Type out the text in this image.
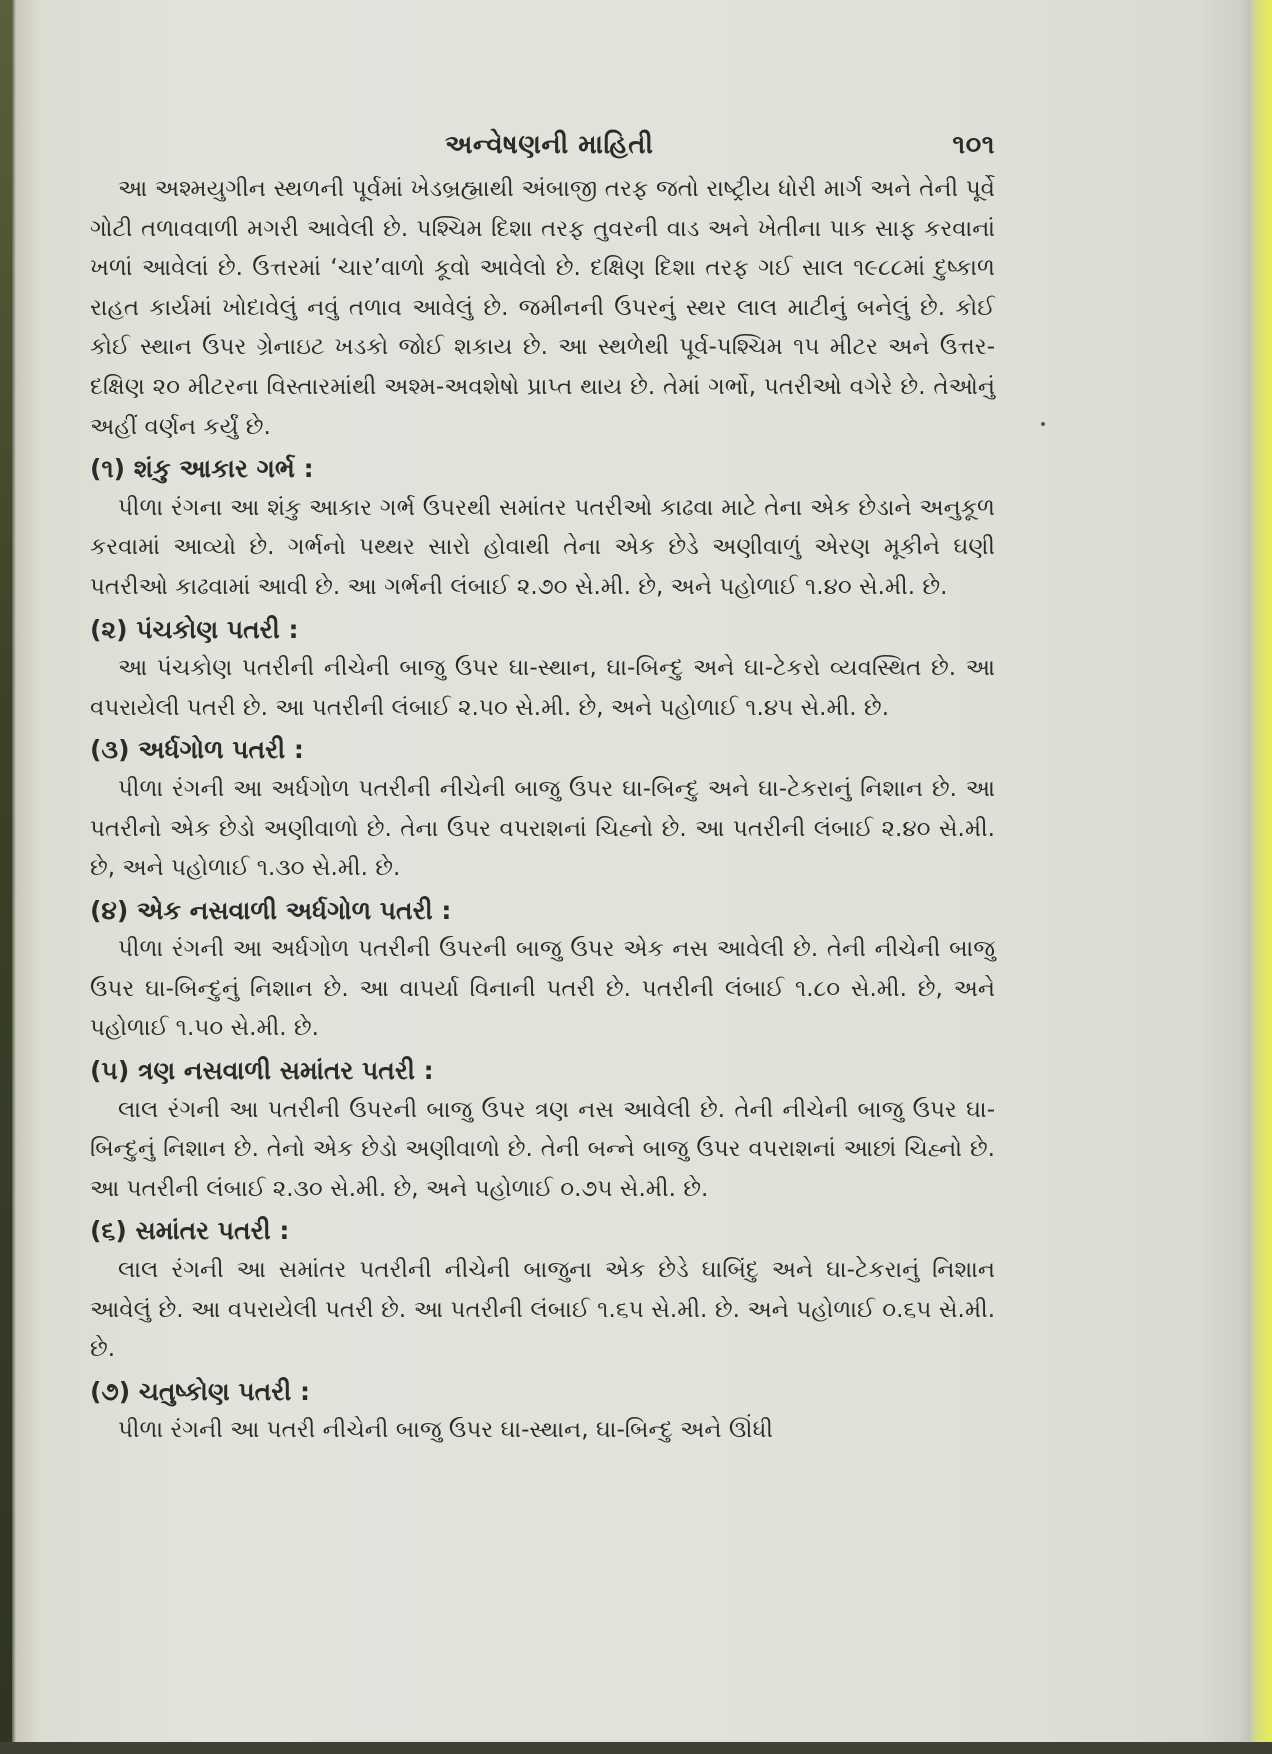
અન્વેષણની માહિતી	૧૦૧

આ અશ્મયુગીન સ્થળની પૂર્વમાં ખેડબ્રહ્માથી અંબાજી તરફ જતો રાષ્ટ્રીય ધોરી માર્ગ અને તેની પૂર્વે ગોટી તળાવવાળી મગરી આવેલી છે. પશ્ચિમ દિશા તરફ તુવરની વાડ અને ખેતીના પાક સાફ કરવાનાં ખળાં આવેલાં છે. ઉત્તરમાં ‘ચાર’વાળો કૂવો આવેલો છે. દક્ષિણ દિશા તરફ ગઈ સાલ ૧૯૮૮માં દુષ્કાળ રાહત કાર્યમાં ખોદાવેલું નવું તળાવ આવેલું છે. જમીનની ઉપરનું સ્થર લાલ માટીનું બનેલું છે. કોઈ કોઈ સ્થાન ઉપર ગ્રેનાઇટ ખડકો જોઈ શકાય છે. આ સ્થળેથી પૂર્વ-પશ્ચિમ ૧૫ મીટર અને ઉત્તર-દક્ષિણ ૨૦ મીટરના વિસ્તારમાંથી અશ્મ-અવશેષો પ્રાપ્ત થાય છે. તેમાં ગર્ભો, પતરીઓ વગેરે છે. તેઓનું અહીં વર્ણન કર્યું છે.

(૧) શંકુ આકાર ગર્ભ :

પીળા રંગના આ શંકુ આકાર ગર્ભ ઉપરથી સમાંતર પતરીઓ કાઢવા માટે તેના એક છેડાને અનુકૂળ કરવામાં આવ્યો છે. ગર્ભનો પથ્થર સારો હોવાથી તેના એક છેડે અણીવાળું એરણ મૂકીને ઘણી પતરીઓ કાઢવામાં આવી છે. આ ગર્ભની લંબાઈ ૨.૭૦ સે.મી. છે, અને પહોળાઈ ૧.૪૦ સે.મી. છે.

(૨) પંચકોણ પતરી :

આ પંચકોણ પતરીની નીચેની બાજુ ઉપર ઘા-સ્થાન, ઘા-બિન્દુ અને ઘા-ટેકરો વ્યવસ્થિત છે. આ વપરાયેલી પતરી છે. આ પતરીની લંબાઈ ૨.૫૦ સે.મી. છે, અને પહોળાઈ ૧.૪૫ સે.મી. છે.

(૩) અર્ધગોળ પતરી :

પીળા રંગની આ અર્ધગોળ પતરીની નીચેની બાજુ ઉપર ઘા-બિન્દુ અને ઘા-ટેકરાનું નિશાન છે. આ પતરીનો એક છેડો અણીવાળો છે. તેના ઉપર વપરાશનાં ચિહ્નો છે. આ પતરીની લંબાઈ ૨.૪૦ સે.મી. છે, અને પહોળાઈ ૧.૩૦ સે.મી. છે.

(૪) એક નસવાળી અર્ધગોળ પતરી :

પીળા રંગની આ અર્ધગોળ પતરીની ઉપરની બાજુ ઉપર એક નસ આવેલી છે. તેની નીચેની બાજુ ઉપર ઘા-બિન્દુનું નિશાન છે. આ વાપર્યા વિનાની પતરી છે. પતરીની લંબાઈ ૧.૮૦ સે.મી. છે, અને પહોળાઈ ૧.૫૦ સે.મી. છે.

(૫) ત્રણ નસવાળી સમાંતર પતરી :

લાલ રંગની આ પતરીની ઉપરની બાજુ ઉપર ત્રણ નસ આવેલી છે. તેની નીચેની બાજુ ઉપર ઘા-બિન્દુનું નિશાન છે. તેનો એક છેડો અણીવાળો છે. તેની બન્ને બાજુ ઉપર વપરાશનાં આછાં ચિહ્નો છે. આ પતરીની લંબાઈ ૨.૩૦ સે.મી. છે, અને પહોળાઈ ૦.૭૫ સે.મી. છે.

(૬) સમાંતર પતરી :

લાલ રંગની આ સમાંતર પતરીની નીચેની બાજુના એક છેડે ઘાબિંદુ અને ઘા-ટેકરાનું નિશાન આવેલું છે. આ વપરાયેલી પતરી છે. આ પતરીની લંબાઈ ૧.૬૫ સે.મી. છે. અને પહોળાઈ ૦.૬૫ સે.મી. છે.

(૭) ચતુષ્કોણ પતરી :

પીળા રંગની આ પતરી નીચેની બાજુ ઉપર ઘા-સ્થાન, ઘા-બિન્દુ અને ઊંધી
